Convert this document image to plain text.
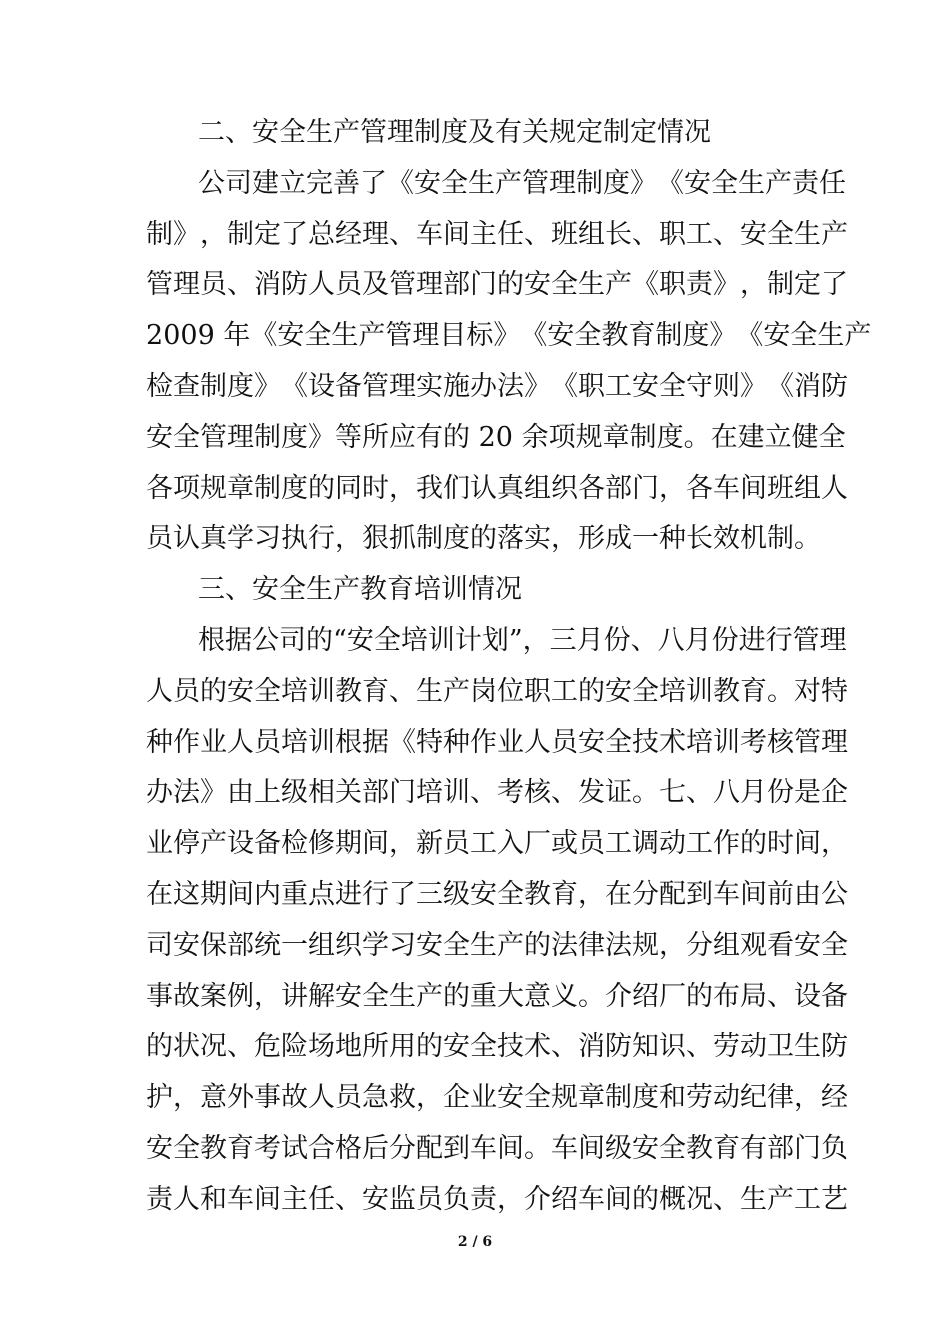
二、安全生产管理制度及有关规定制定情况
公 司 建 立 完 善 了 《 安 全 生 产 管 理 制 度 》 《 安 全 生 产 责 任
制 》 ， 制 定 了 总 经 理 、 车 间 主 任 、 班 组 长 、 职 工 、 安 全 生 产
管 理 员 、 消 防 人 员 及 管 理 部 门 的 安 全 生 产 《 职 责 》 ， 制 定 了
2 0 0 9
年 《 安 全 生 产 管 理 目 标 》 《 安 全 教 育 制 度 》 《 安 全 生 产
检 查 制 度 》 《 设 备 管 理 实 施 办 法 》 《 职 工 安 全 守 则 》 《 消 防
安 全 管 理 制 度 》 等 所 应 有 的
2 0
余 项 规 章 制 度 。 在 建 立 健 全
各 项 规 章 制 度 的 同 时 ， 我 们 认 真 组 织 各 部 门 ， 各 车 间 班 组 人
员认真学习执行，狠抓制度的落实，形成一种长效机制。
三、安全生产教育培训情况
根 据 公 司 的 “ 安 全 培 训 计 划 ” ， 三 月 份 、 八 月 份 进 行 管 理
人 员 的 安 全 培 训 教 育 、 生 产 岗 位 职 工 的 安 全 培 训 教 育 。 对 特
种 作 业 人 员 培 训 根 据 《 特 种 作 业 人 员 安 全 技 术 培 训 考 核 管 理
办 法 》 由 上 级 相 关 部 门 培 训 、 考 核 、 发 证 。 七 、 八 月 份 是 企
业 停 产 设 备 检 修 期 间 ， 新 员 工 入 厂 或 员 工 调 动 工 作 的 时 间 ，
在 这 期 间 内 重 点 进 行 了 三 级 安 全 教 育 ， 在 分 配 到 车 间 前 由 公
司 安 保 部 统 一 组 织 学 习 安 全 生 产 的 法 律 法 规 ， 分 组 观 看 安 全
事 故 案 例 ， 讲 解 安 全 生 产 的 重 大 意 义 。 介 绍 厂 的 布 局 、 设 备
的 状 况 、 危 险 场 地 所 用 的 安 全 技 术 、 消 防 知 识 、 劳 动 卫 生 防
护 ， 意 外 事 故 人 员 急 救 ， 企 业 安 全 规 章 制 度 和 劳 动 纪 律 ， 经
安 全 教 育 考 试 合 格 后 分 配 到 车 间 。 车 间 级 安 全 教 育 有 部 门 负
责 人 和 车 间 主 任 、 安 监 员 负 责 ， 介 绍 车 间 的 概 况 、 生 产 工 艺
2 / 6
